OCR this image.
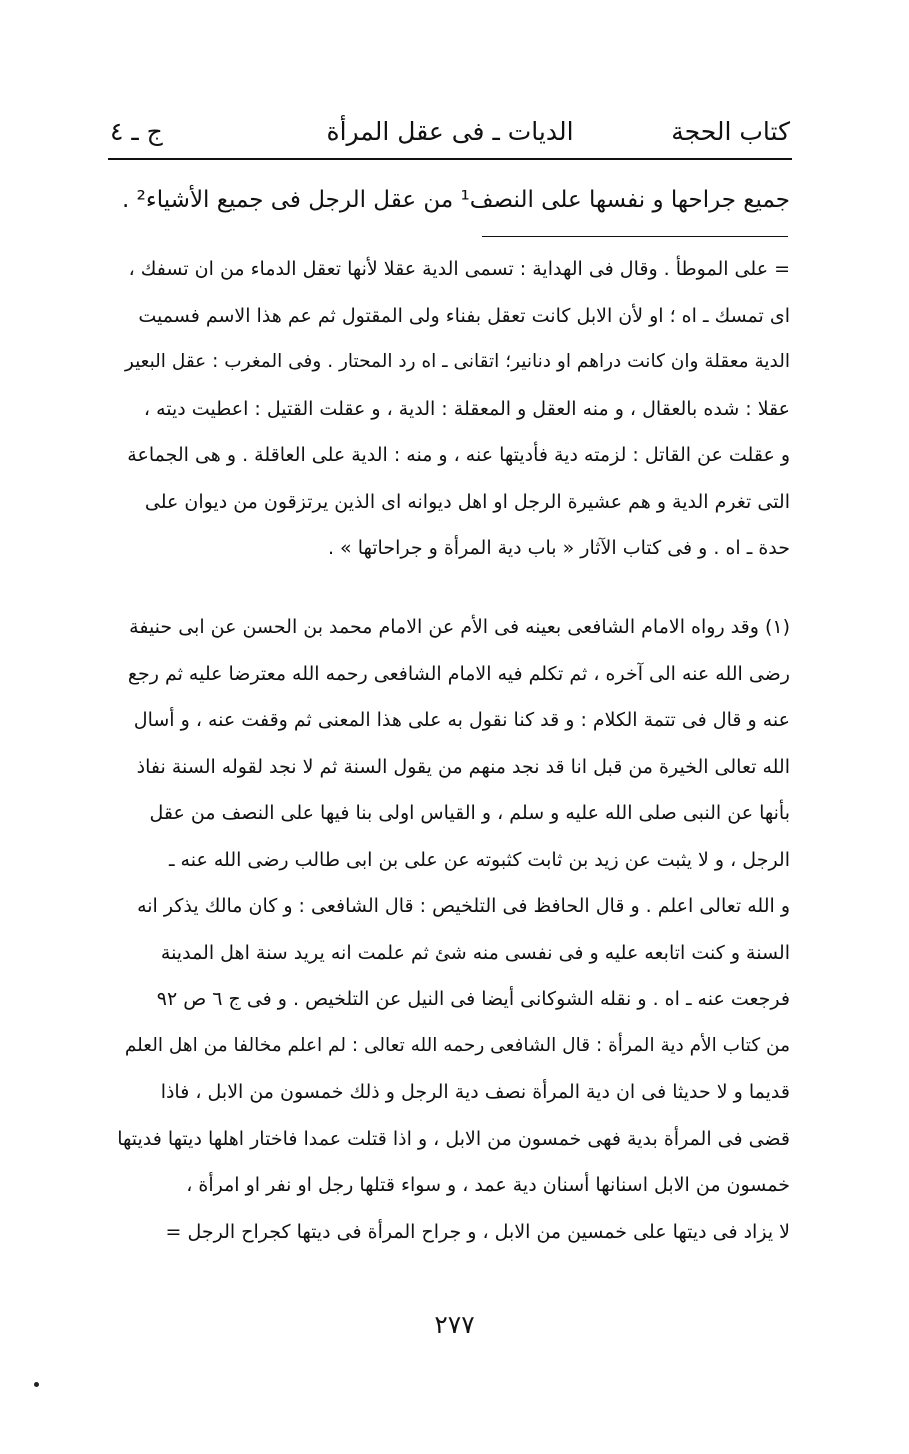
كتاب الحجة
الديات ـ فى عقل المرأة
ج ـ ٤
جميع جراحها و نفسها على النصف¹ من عقل الرجل فى جميع الأشياء² .
= على الموطأ . وقال فى الهداية : تسمى الدية عقلا لأنها تعقل الدماء من ان تسفك ،
اى تمسك ـ اه ؛ او لأن الابل كانت تعقل بفناء ولى المقتول ثم عم هذا الاسم فسميت
الدية معقلة وان كانت دراهم او دنانير؛ اتقانى ـ اه رد المحتار . وفى المغرب : عقل البعير
عقلا : شده بالعقال ، و منه العقل و المعقلة : الدية ، و عقلت القتيل : اعطيت ديته ،
و عقلت عن القاتل : لزمته دية فأديتها عنه ، و منه : الدية على العاقلة . و هى الجماعة
التى تغرم الدية و هم عشيرة الرجل او اهل ديوانه اى الذين يرتزقون من ديوان على
حدة ـ اه . و فى كتاب الآثار « باب دية المرأة و جراحاتها » .
(١) وقد رواه الامام الشافعى بعينه فى الأم عن الامام محمد بن الحسن عن ابى حنيفة
رضى الله عنه الى آخره ، ثم تكلم فيه الامام الشافعى رحمه الله معترضا عليه ثم رجع
عنه و قال فى تتمة الكلام : و قد كنا نقول به على هذا المعنى ثم وقفت عنه ، و أسال
الله تعالى الخيرة من قبل انا قد نجد منهم من يقول السنة ثم لا نجد لقوله السنة نفاذ
بأنها عن النبى صلى الله عليه و سلم ، و القياس اولى بنا فيها على النصف من عقل
الرجل ، و لا يثبت عن زيد بن ثابت كثبوته عن على بن ابى طالب رضى الله عنه ـ
و الله تعالى اعلم . و قال الحافظ فى التلخيص : قال الشافعى : و كان مالك يذكر انه
السنة و كنت اتابعه عليه و فى نفسى منه شئ ثم علمت انه يريد سنة اهل المدينة
فرجعت عنه ـ اه . و نقله الشوكانى أيضا فى النيل عن التلخيص . و فى ج ٦ ص ٩٢
من كتاب الأم دية المرأة : قال الشافعى رحمه الله تعالى : لم اعلم مخالفا من اهل العلم
قديما و لا حديثا فى ان دية المرأة نصف دية الرجل و ذلك خمسون من الابل ، فاذا
قضى فى المرأة بدية فهى خمسون من الابل ، و اذا قتلت عمدا فاختار اهلها ديتها فديتها
خمسون من الابل اسنانها أسنان دية عمد ، و سواء قتلها رجل او نفر او امرأة ،
لا يزاد فى ديتها على خمسين من الابل ، و جراح المرأة فى ديتها كجراح الرجل =
٢٧٧
